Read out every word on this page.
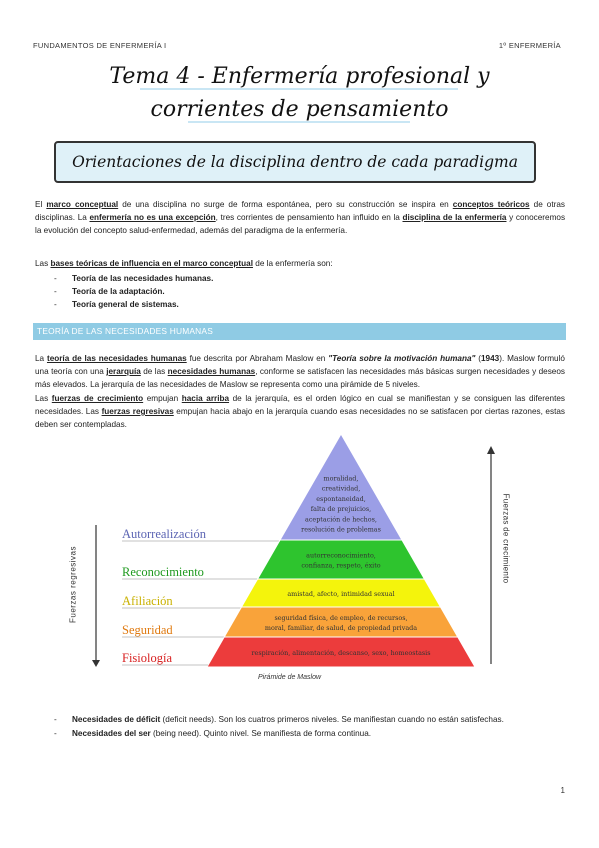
FUNDAMENTOS DE ENFERMERÍA I	1º ENFERMERÍA
Tema 4 - Enfermería profesional y
corrientes de pensamiento
Orientaciones de la disciplina dentro de cada paradigma
El marco conceptual de una disciplina no surge de forma espontánea, pero su construcción se inspira en conceptos teóricos de otras disciplinas. La enfermería no es una excepción, tres corrientes de pensamiento han influido en la disciplina de la enfermería y conoceremos la evolución del concepto salud-enfermedad, además del paradigma de la enfermería.
Las bases teóricas de influencia en el marco conceptual de la enfermería son:
- Teoría de las necesidades humanas.
- Teoría de la adaptación.
- Teoría general de sistemas.
TEORÍA DE LAS NECESIDADES HUMANAS
La teoría de las necesidades humanas fue descrita por Abraham Maslow en "Teoría sobre la motivación humana" (1943). Maslow formuló una teoría con una jerarquía de las necesidades humanas, conforme se satisfacen las necesidades más básicas surgen necesidades y deseos más elevados. La jerarquía de las necesidades de Maslow se representa como una pirámide de 5 niveles.
Las fuerzas de crecimiento empujan hacia arriba de la jerarquía, es el orden lógico en cual se manifiestan y se consiguen las diferentes necesidades. Las fuerzas regresivas empujan hacia abajo en la jerarquía cuando esas necesidades no se satisfacen por ciertas razones, estas deben ser contempladas.
moralidad,
creatividad,
espontaneidad,
falta de prejuicios,
aceptación de hechos,
resolución de problemas
Autorrealización
autorreconocimiento,
confianza, respeto, éxito
Reconocimiento
amistad, afecto, intimidad sexual
Afiliación
seguridad física, de empleo, de recursos,
moral, familiar, de salud, de propiedad privada
Seguridad
respiración, alimentación, descanso, sexo, homeostasis
Fisiología
Fuerzas regresivas
Fuerzas de crecimiento
Pirámide de Maslow
- Necesidades de déficit (deficit needs). Son los cuatros primeros niveles. Se manifiestan cuando no están satisfechas.
- Necesidades del ser (being need). Quinto nivel. Se manifiesta de forma continua.
1
